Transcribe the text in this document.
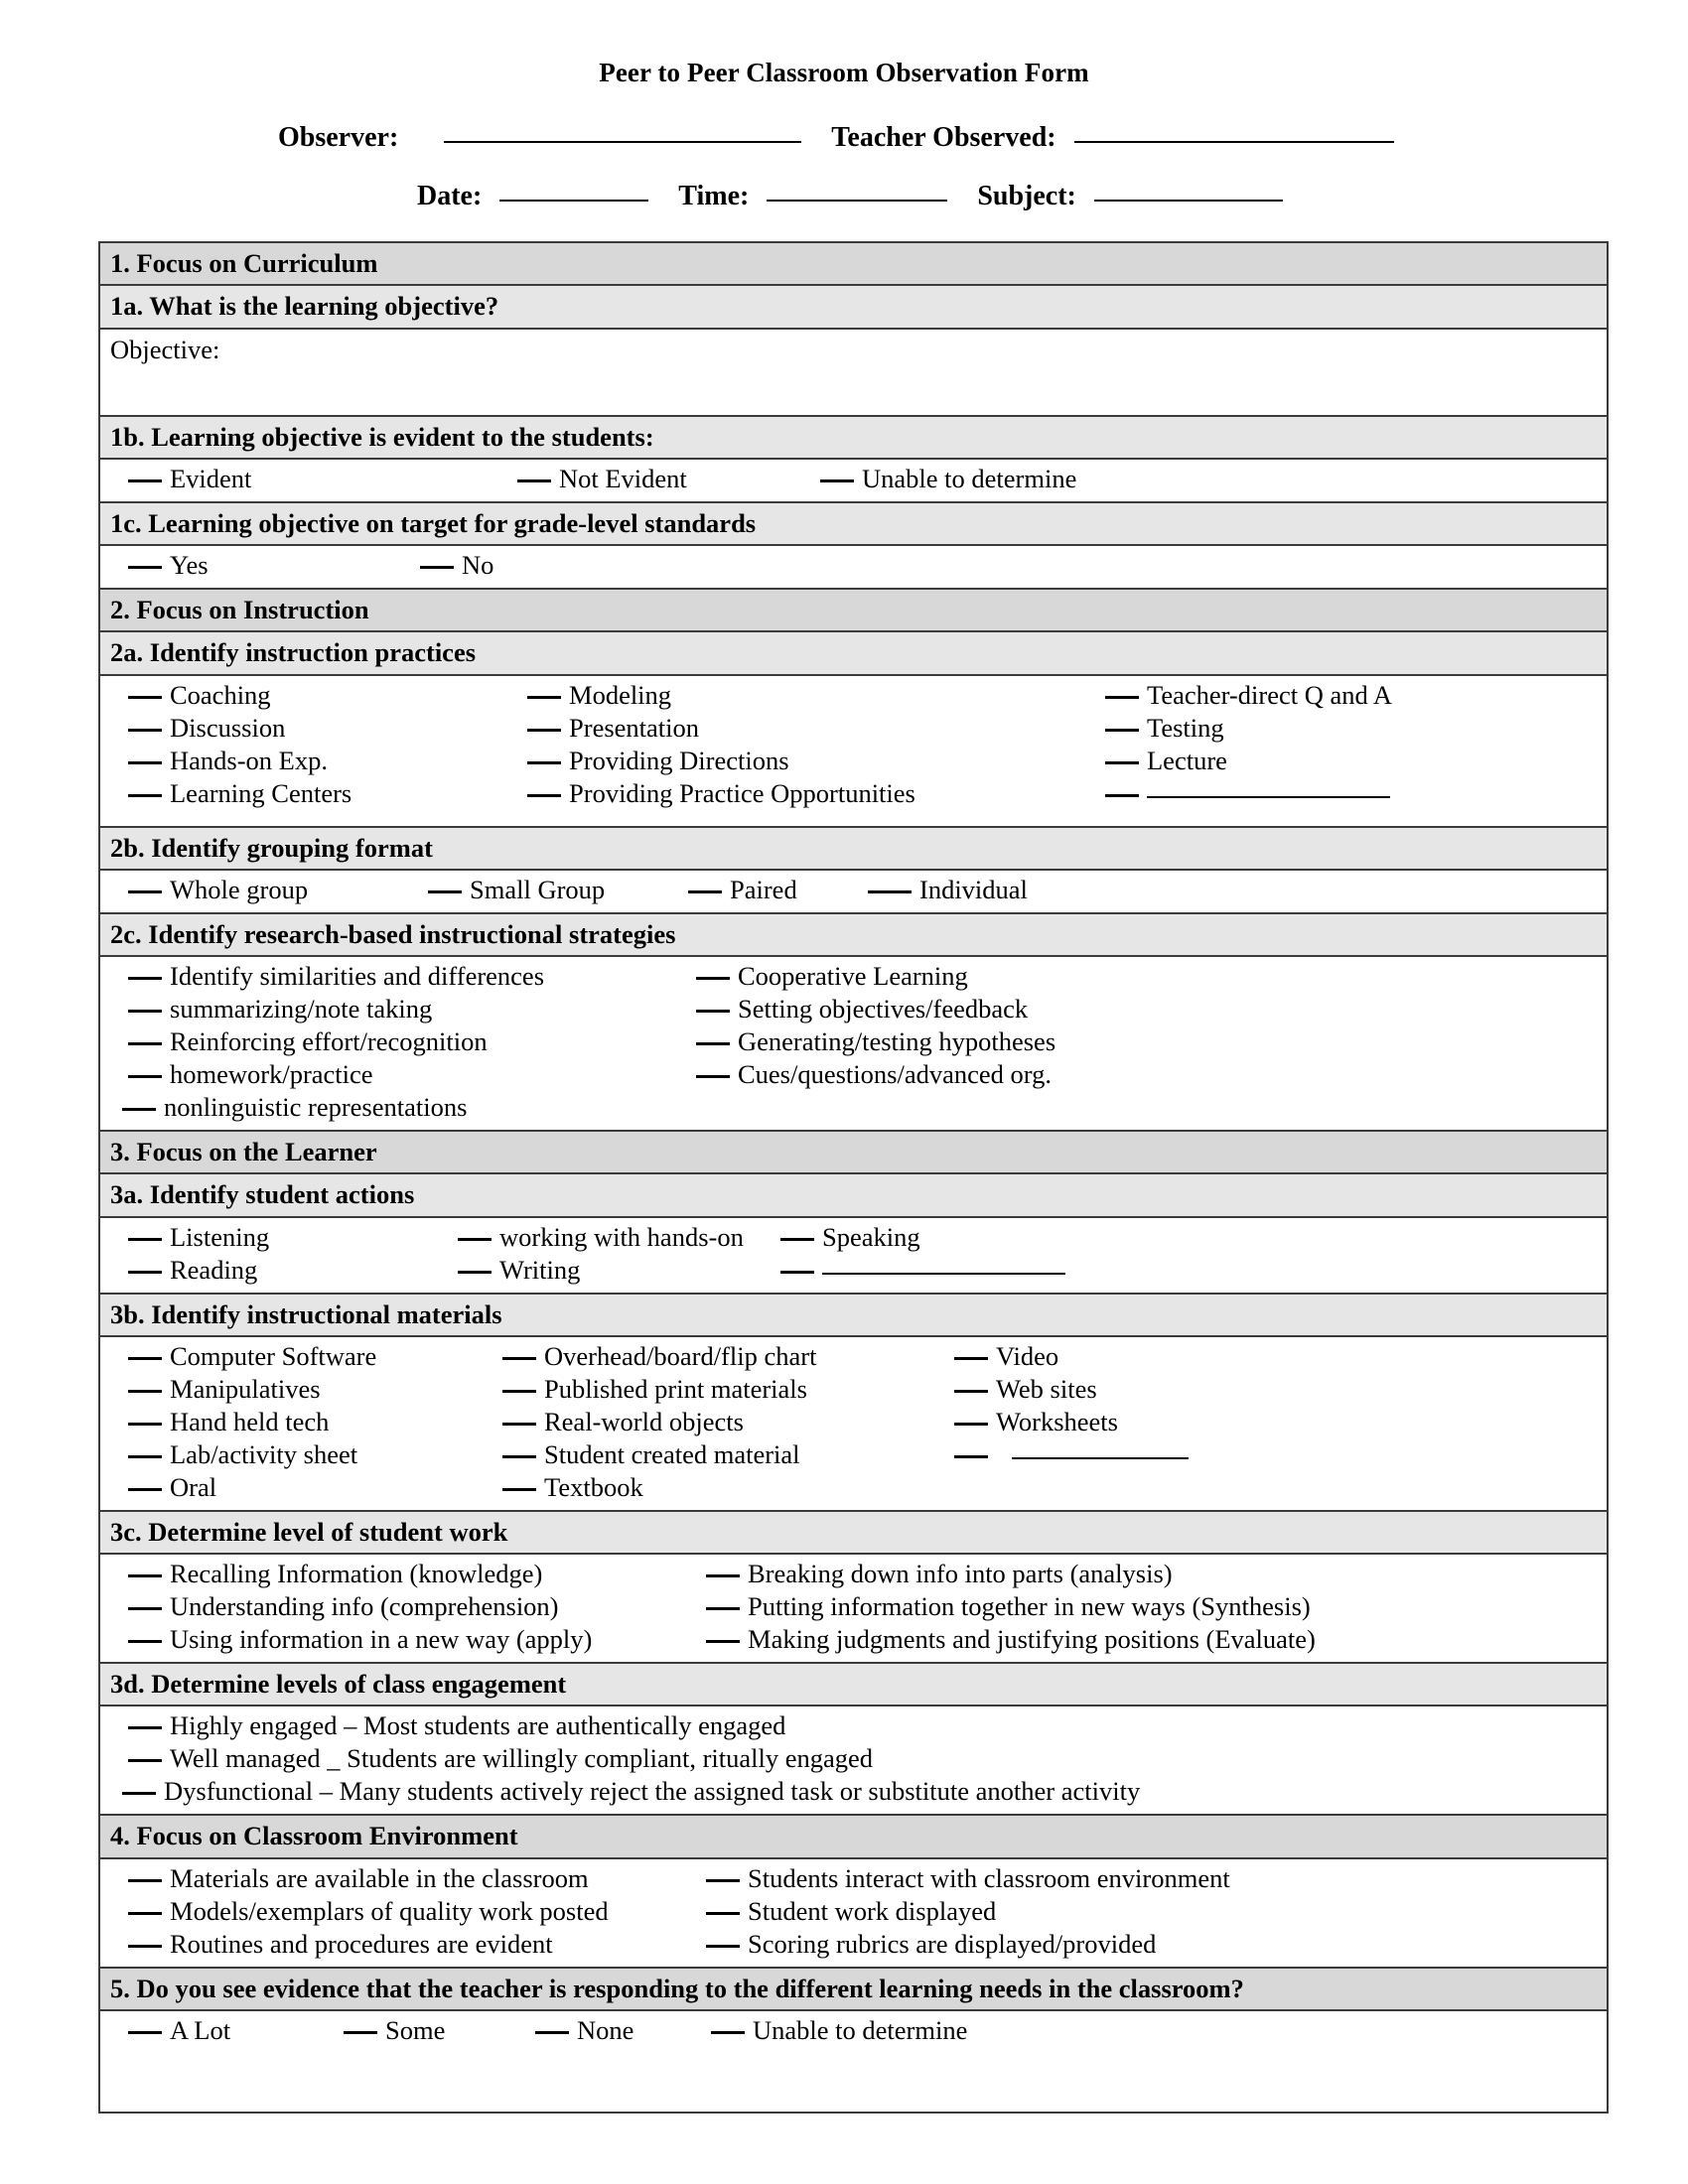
Peer to Peer Classroom Observation Form
Observer:	Teacher Observed:
Date:	Time:	Subject:
1. Focus on Curriculum
1a. What is the learning objective?
Objective:
1b. Learning objective is evident to the students:

Evident	Not Evident	Unable to determine

1c. Learning objective on target for grade-level standards

Yes	No

2. Focus on Instruction
2a. Identify instruction practices

Coaching	Modeling	Teacher-direct Q and A
Discussion	Presentation	Testing
Hands-on Exp.	Providing Directions	Lecture
Learning Centers	Providing Practice Opportunities

2b. Identify grouping format

Whole group	Small Group	Paired	Individual

2c. Identify research-based instructional strategies

Identify similarities and differences	Cooperative Learning
summarizing/note taking	Setting objectives/feedback
Reinforcing effort/recognition	Generating/testing hypotheses
homework/practice	Cues/questions/advanced org.
nonlinguistic representations

3. Focus on the Learner
3a. Identify student actions

Listening	working with hands-on	Speaking
Reading	Writing

3b. Identify instructional materials

Computer Software	Overhead/board/flip chart	Video
Manipulatives	Published print materials	Web sites
Hand held tech	Real-world objects	Worksheets
Lab/activity sheet	Student created material
Oral	Textbook

3c. Determine level of student work

Recalling Information (knowledge)	Breaking down info into parts (analysis)
Understanding info (comprehension)	Putting information together in new ways (Synthesis)
Using information in a new way (apply)	Making judgments and justifying positions (Evaluate)

3d. Determine levels of class engagement

Highly engaged – Most students are authentically engaged
Well managed _ Students are willingly compliant, ritually engaged
Dysfunctional – Many students actively reject the assigned task or substitute another activity

4. Focus on Classroom Environment

Materials are available in the classroom	Students interact with classroom environment
Models/exemplars of quality work posted	Student work displayed
Routines and procedures are evident	Scoring rubrics are displayed/provided

5. Do you see evidence that the teacher is responding to the different learning needs in the classroom?

A Lot	Some	None	Unable to determine
